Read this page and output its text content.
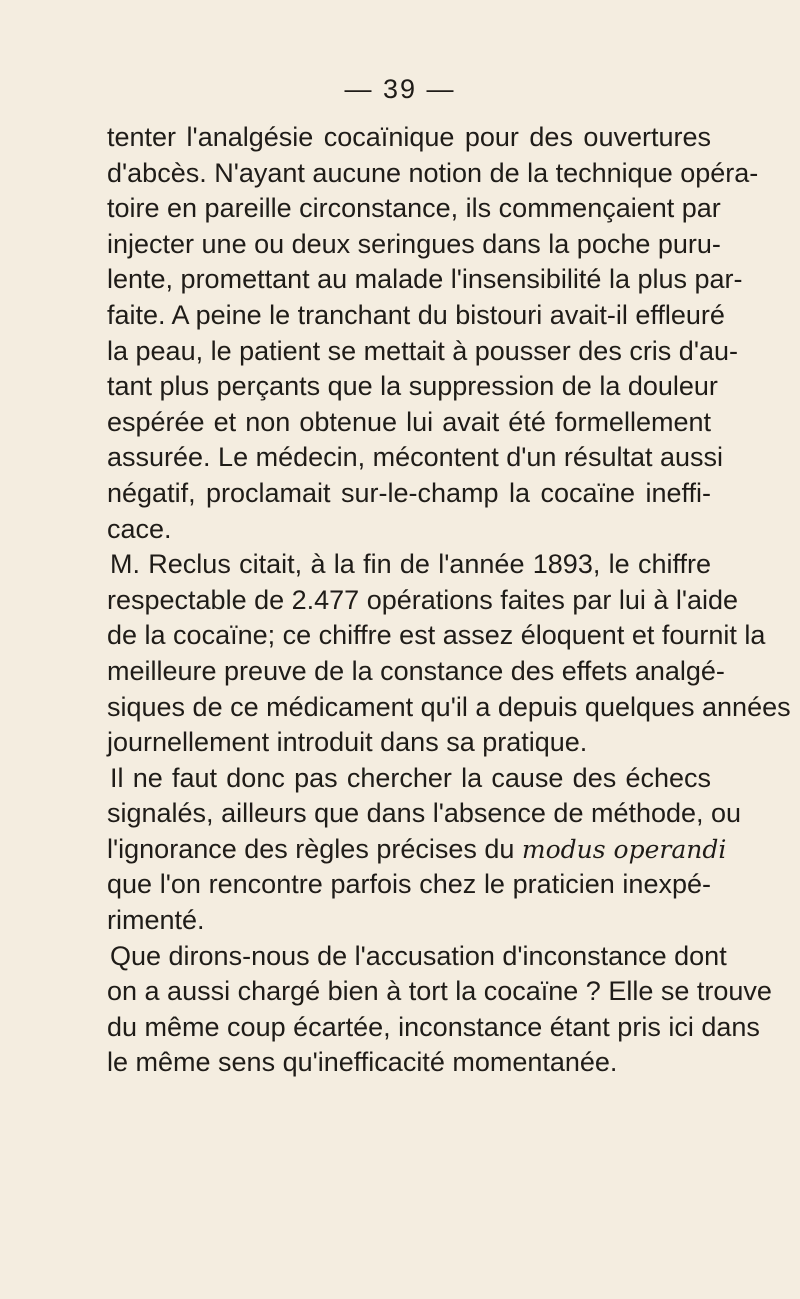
— 39 —
tenter l'analgésie cocaïnique pour des ouvertures
d'abcès. N'ayant aucune notion de la technique opéra-
toire en pareille circonstance, ils commençaient par
injecter une ou deux seringues dans la poche puru-
lente, promettant au malade l'insensibilité la plus par-
faite. A peine le tranchant du bistouri avait-il effleuré
la peau, le patient se mettait à pousser des cris d'au-
tant plus perçants que la suppression de la douleur
espérée et non obtenue lui avait été formellement
assurée. Le médecin, mécontent d'un résultat aussi
négatif, proclamait sur-le-champ la cocaïne ineffi-
cace.
M. Reclus citait, à la fin de l'année 1893, le chiffre
respectable de 2.477 opérations faites par lui à l'aide
de la cocaïne; ce chiffre est assez éloquent et fournit la
meilleure preuve de la constance des effets analgé-
siques de ce médicament qu'il a depuis quelques années
journellement introduit dans sa pratique.
Il ne faut donc pas chercher la cause des échecs
signalés, ailleurs que dans l'absence de méthode, ou
l'ignorance des règles précises du modus operandi
que l'on rencontre parfois chez le praticien inexpé-
rimenté.
Que dirons-nous de l'accusation d'inconstance dont
on a aussi chargé bien à tort la cocaïne ? Elle se trouve
du même coup écartée, inconstance étant pris ici dans
le même sens qu'inefficacité momentanée.
